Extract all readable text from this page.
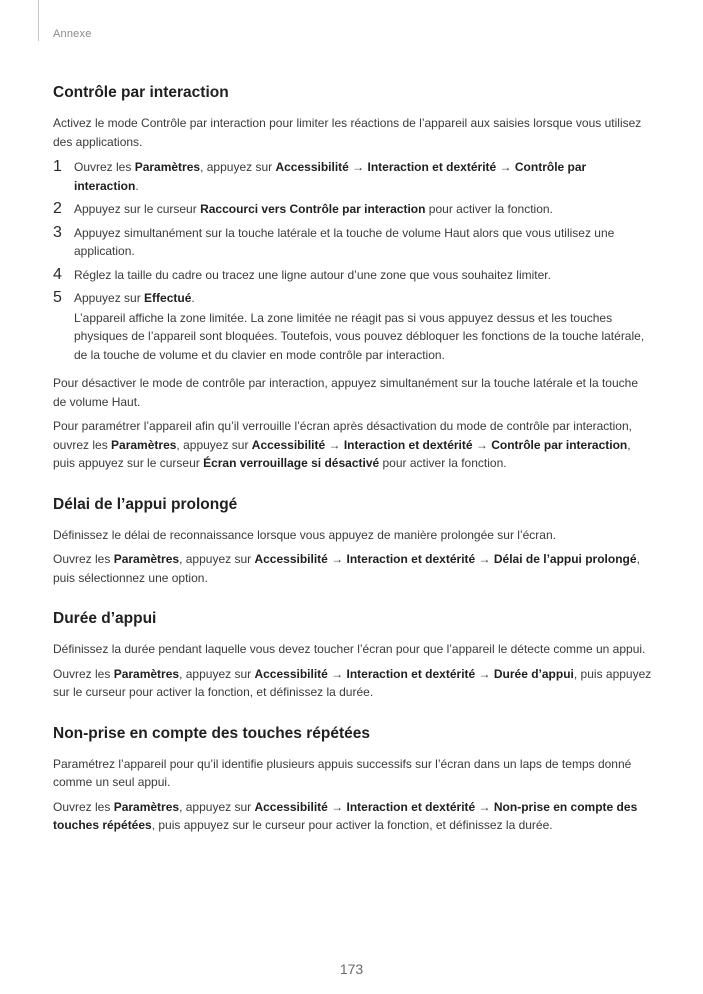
Annexe
Contrôle par interaction

Activez le mode Contrôle par interaction pour limiter les réactions de l’appareil aux saisies lorsque vous utilisez des applications.

1	Ouvrez les Paramètres, appuyez sur Accessibilité → Interaction et dextérité → Contrôle par interaction.
2	Appuyez sur le curseur Raccourci vers Contrôle par interaction pour activer la fonction.
3	Appuyez simultanément sur la touche latérale et la touche de volume Haut alors que vous utilisez une application.
4	Réglez la taille du cadre ou tracez une ligne autour d’une zone que vous souhaitez limiter.
5	Appuyez sur Effectué.
L’appareil affiche la zone limitée. La zone limitée ne réagit pas si vous appuyez dessus et les touches physiques de l’appareil sont bloquées. Toutefois, vous pouvez débloquer les fonctions de la touche latérale, de la touche de volume et du clavier en mode contrôle par interaction.

Pour désactiver le mode de contrôle par interaction, appuyez simultanément sur la touche latérale et la touche de volume Haut.

Pour paramétrer l’appareil afin qu’il verrouille l’écran après désactivation du mode de contrôle par interaction, ouvrez les Paramètres, appuyez sur Accessibilité → Interaction et dextérité → Contrôle par interaction, puis appuyez sur le curseur Écran verrouillage si désactivé pour activer la fonction.

Délai de l’appui prolongé

Définissez le délai de reconnaissance lorsque vous appuyez de manière prolongée sur l’écran.

Ouvrez les Paramètres, appuyez sur Accessibilité → Interaction et dextérité → Délai de l’appui prolongé, puis sélectionnez une option.

Durée d’appui

Définissez la durée pendant laquelle vous devez toucher l’écran pour que l’appareil le détecte comme un appui.

Ouvrez les Paramètres, appuyez sur Accessibilité → Interaction et dextérité → Durée d’appui, puis appuyez sur le curseur pour activer la fonction, et définissez la durée.

Non-prise en compte des touches répétées

Paramétrez l’appareil pour qu’il identifie plusieurs appuis successifs sur l’écran dans un laps de temps donné comme un seul appui.

Ouvrez les Paramètres, appuyez sur Accessibilité → Interaction et dextérité → Non-prise en compte des touches répétées, puis appuyez sur le curseur pour activer la fonction, et définissez la durée.

173
